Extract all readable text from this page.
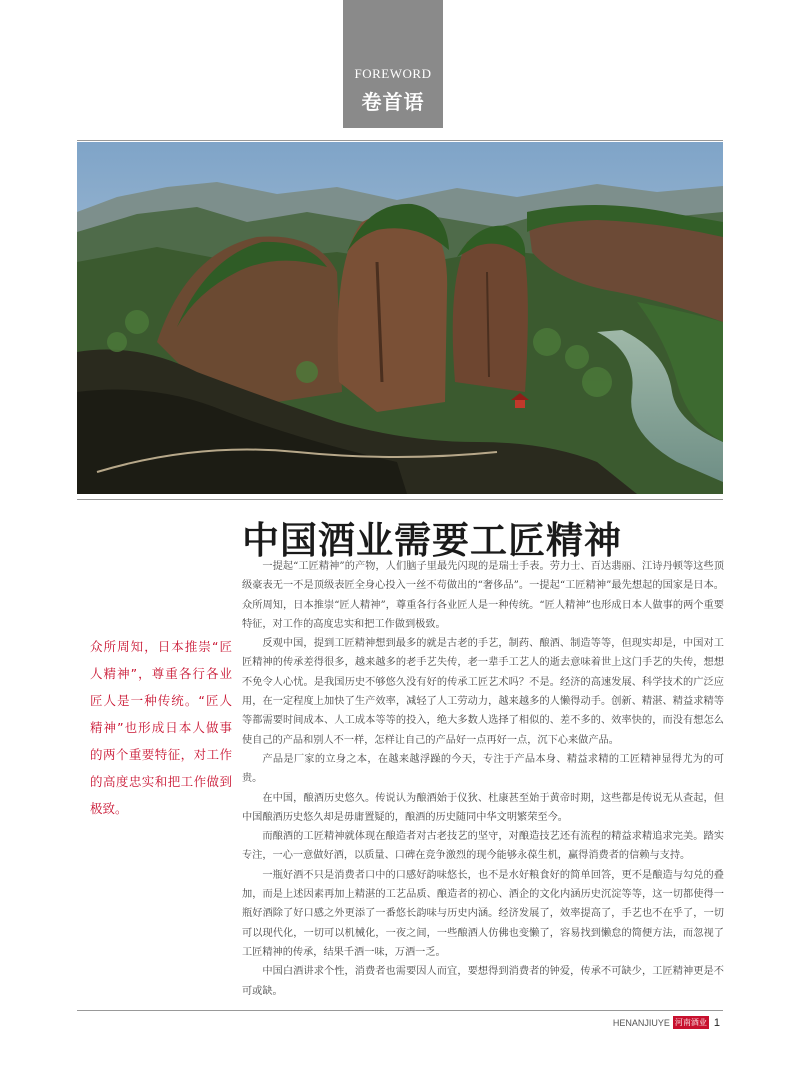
FOREWORD
卷首语
中国酒业需要工匠精神
众所周知，日本推崇“匠人精神”，尊重各行各业匠人是一种传统。“匠人精神”也形成日本人做事的两个重要特征，对工作的高度忠实和把工作做到极致。

一提起“工匠精神”的产物，人们脑子里最先闪现的是瑞士手表。劳力士、百达翡丽、江诗丹顿等这些顶级豪表无一不是顶级表匠全身心投入一丝不苟做出的“奢侈品”。一提起“工匠精神”最先想起的国家是日本。众所周知，日本推崇“匠人精神”，尊重各行各业匠人是一种传统。“匠人精神”也形成日本人做事的两个重要特征，对工作的高度忠实和把工作做到极致。

反观中国，提到工匠精神想到最多的就是古老的手艺，制药、酿酒、制造等等，但现实却是，中国对工匠精神的传承差得很多，越来越多的老手艺失传，老一辈手工艺人的逝去意味着世上这门手艺的失传，想想不免令人心忧。是我国历史不够悠久没有好的传承工匠艺术吗？不是。经济的高速发展、科学技术的广泛应用，在一定程度上加快了生产效率，减轻了人工劳动力，越来越多的人懒得动手。创新、精湛、精益求精等等都需要时间成本、人工成本等等的投入，绝大多数人选择了相似的、差不多的、效率快的，而没有想怎么使自己的产品和别人不一样，怎样让自己的产品好一点再好一点，沉下心来做产品。

产品是厂家的立身之本，在越来越浮躁的今天，专注于产品本身、精益求精的工匠精神显得尤为的可贵。

在中国，酿酒历史悠久。传说认为酿酒始于仪狄、杜康甚至始于黄帝时期，这些都是传说无从查起，但中国酿酒历史悠久却是毋庸置疑的，酿酒的历史随同中华文明繁荣至今。

而酿酒的工匠精神就体现在酿造者对古老技艺的坚守，对酿造技艺还有流程的精益求精追求完美。踏实专注，一心一意做好酒，以质量、口碑在竞争激烈的现今能够永葆生机，赢得消费者的信赖与支持。

一瓶好酒不只是消费者口中的口感好韵味悠长，也不是水好粮食好的简单回答，更不是酿造与勾兑的叠加，而是上述因素再加上精湛的工艺品质、酿造者的初心、酒企的文化内涵历史沉淀等等，这一切都使得一瓶好酒除了好口感之外更添了一番悠长韵味与历史内涵。经济发展了，效率提高了，手艺也不在乎了，一切可以现代化，一切可以机械化，一夜之间，一些酿酒人仿佛也变懒了，容易找到懒怠的简便方法，而忽视了工匠精神的传承，结果千酒一味，万酒一乏。

中国白酒讲求个性，消费者也需要因人而宜，要想得到消费者的钟爱，传承不可缺少，工匠精神更是不可或缺。

HENANJIUYE 河南酒业 1
